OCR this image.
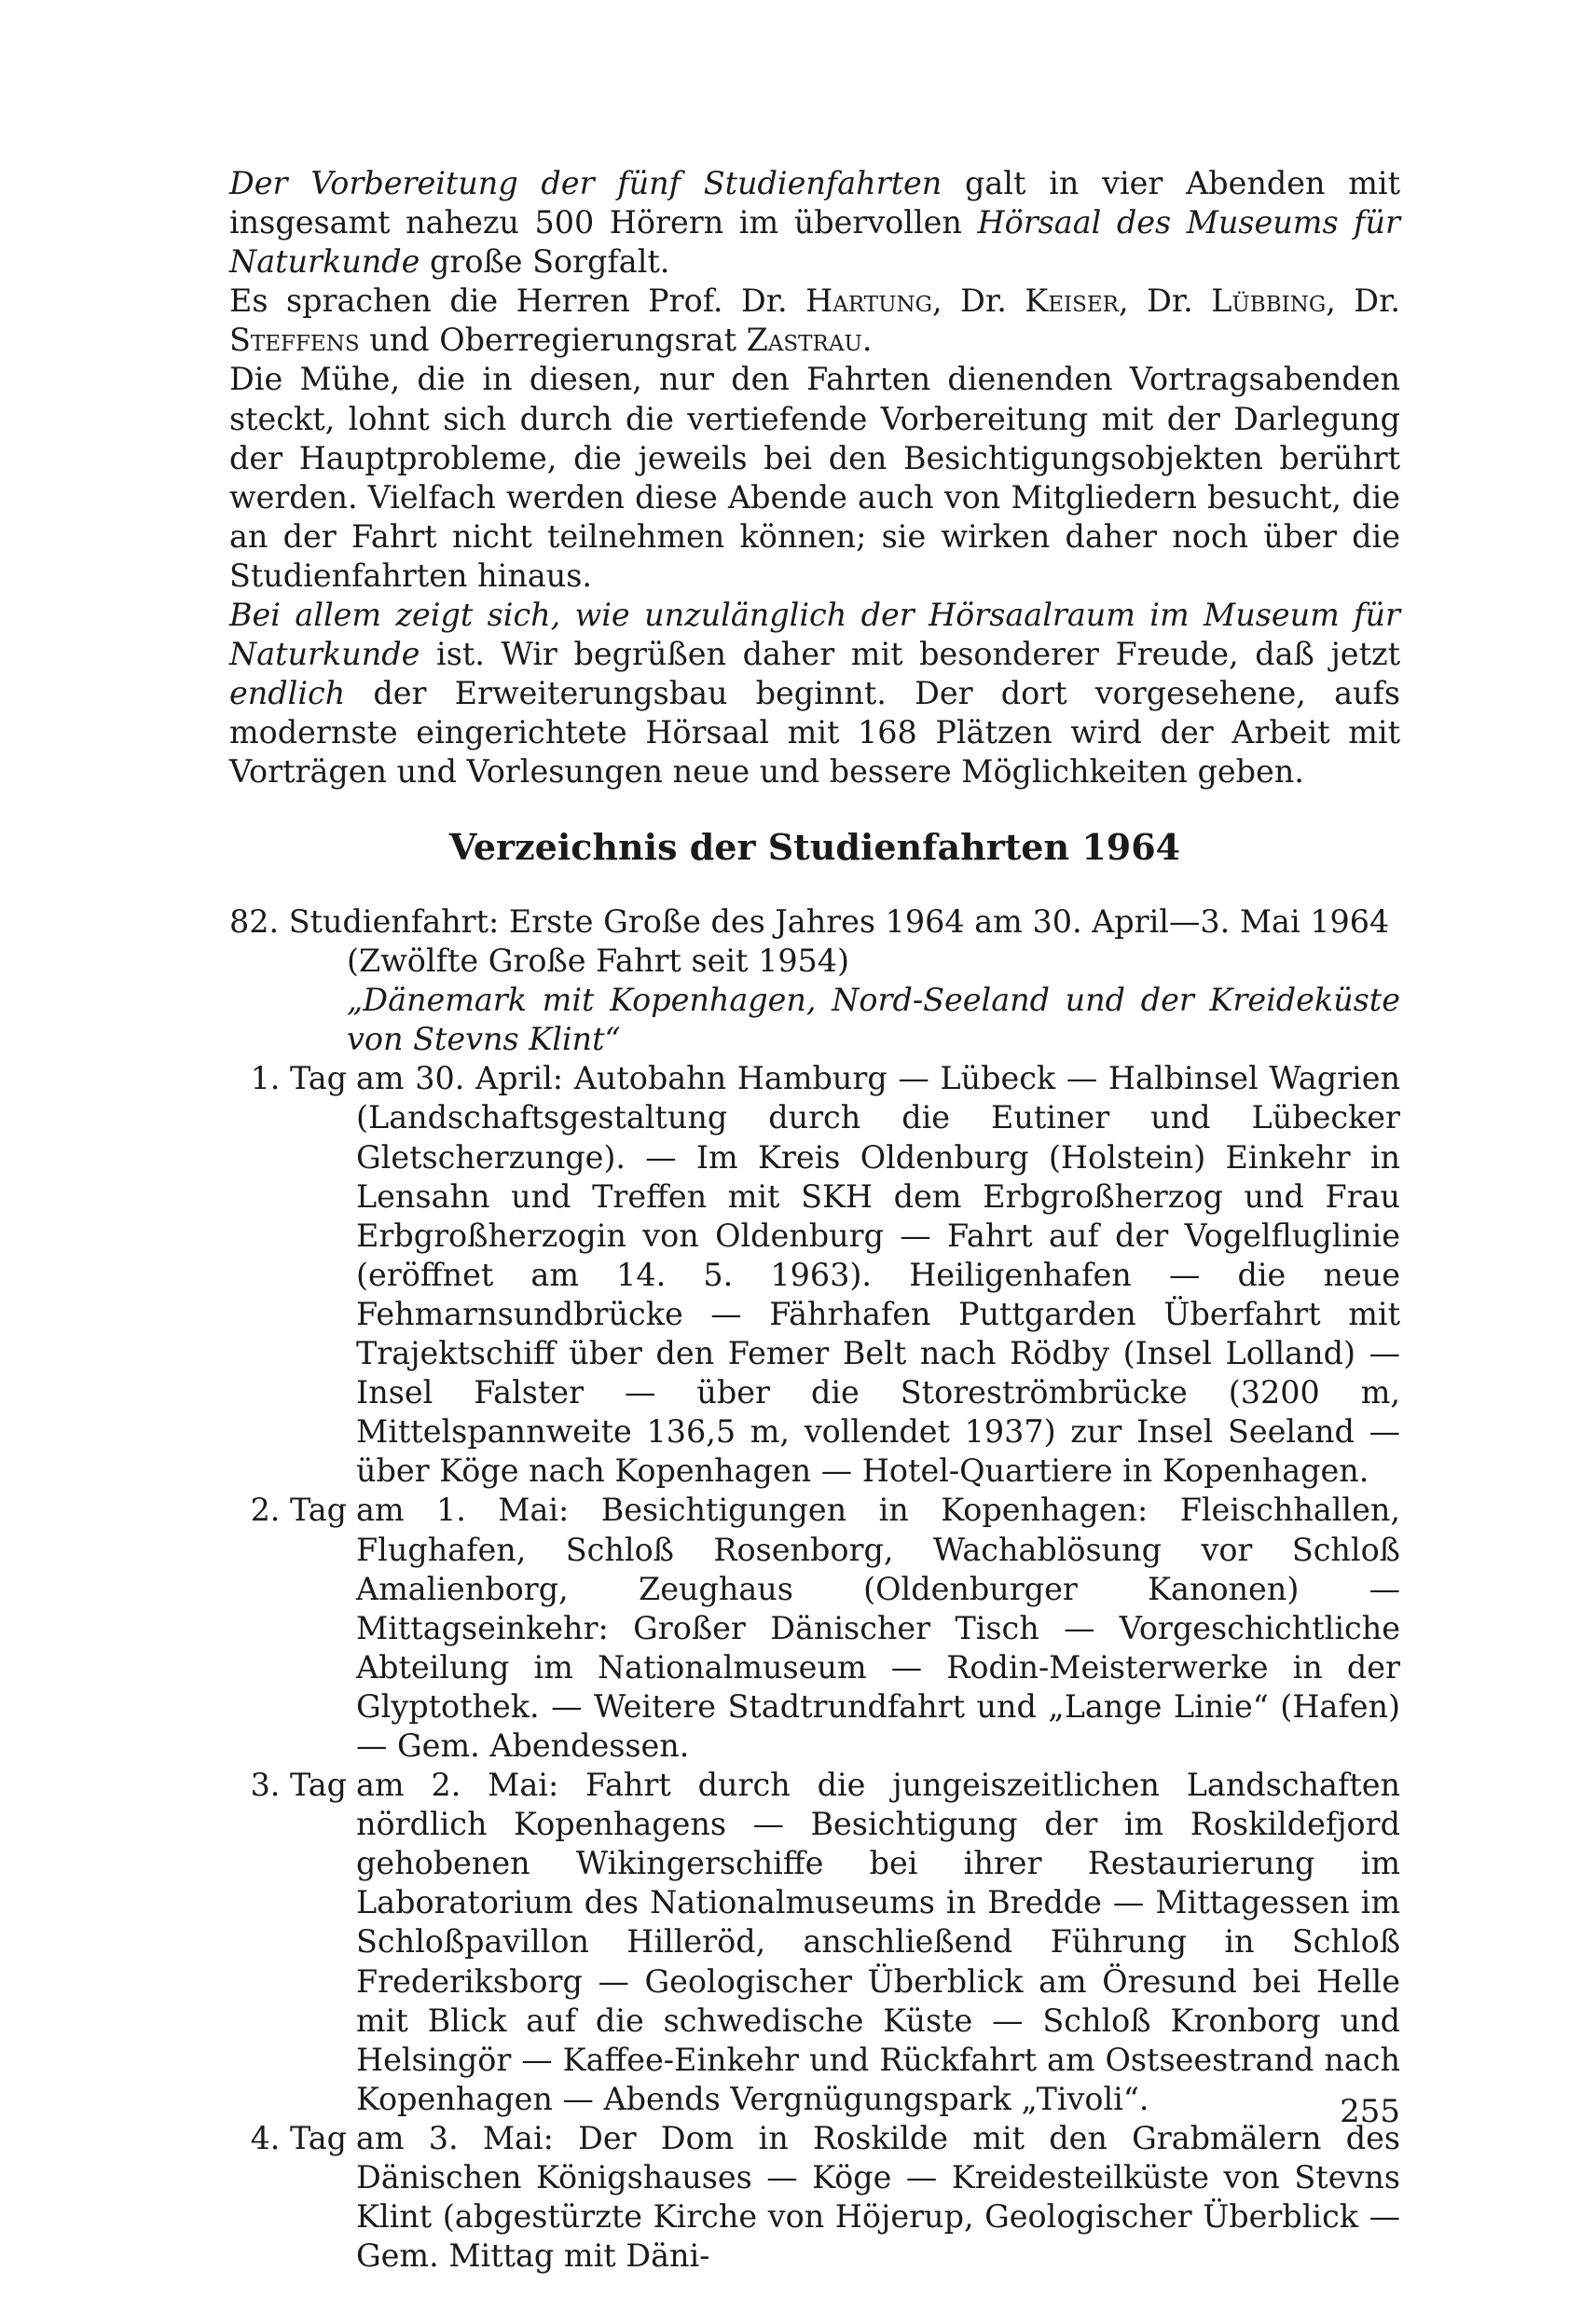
Der Vorbereitung der fünf Studienfahrten galt in vier Abenden mit insgesamt nahezu 500 Hörern im übervollen Hörsaal des Museums für Naturkunde große Sorgfalt.

Es sprachen die Herren Prof. Dr. Hartung, Dr. Keiser, Dr. Lübbing, Dr. Steffens und Oberregierungsrat Zastrau.

Die Mühe, die in diesen, nur den Fahrten dienenden Vortragsabenden steckt, lohnt sich durch die vertiefende Vorbereitung mit der Darlegung der Hauptprobleme, die jeweils bei den Besichtigungsobjekten berührt werden. Vielfach werden diese Abende auch von Mitgliedern besucht, die an der Fahrt nicht teilnehmen können; sie wirken daher noch über die Studienfahrten hinaus.

Bei allem zeigt sich, wie unzulänglich der Hörsaalraum im Museum für Naturkunde ist. Wir begrüßen daher mit besonderer Freude, daß jetzt endlich der Erweiterungsbau beginnt. Der dort vorgesehene, aufs modernste eingerichtete Hörsaal mit 168 Plätzen wird der Arbeit mit Vorträgen und Vorlesungen neue und bessere Möglichkeiten geben.

Verzeichnis der Studienfahrten 1964

82. Studienfahrt: Erste Große des Jahres 1964 am 30. April—3. Mai 1964

(Zwölfte Große Fahrt seit 1954)

„Dänemark mit Kopenhagen, Nord-Seeland und der Kreideküste von Stevns Klint“

1. Tag am 30. April: Autobahn Hamburg — Lübeck — Halbinsel Wagrien (Landschaftsgestaltung durch die Eutiner und Lübecker Gletscherzunge). — Im Kreis Oldenburg (Holstein) Einkehr in Lensahn und Treffen mit SKH dem Erbgroßherzog und Frau Erbgroßherzogin von Oldenburg — Fahrt auf der Vogelfluglinie (eröffnet am 14. 5. 1963). Heiligenhafen — die neue Fehmarnsundbrücke — Fährhafen Puttgarden Überfahrt mit Trajektschiff über den Femer Belt nach Rödby (Insel Lolland) — Insel Falster — über die Storeströmbrücke (3200 m, Mittelspannweite 136,5 m, vollendet 1937) zur Insel Seeland — über Köge nach Kopenhagen — Hotel-Quartiere in Kopenhagen.
2. Tag am 1. Mai: Besichtigungen in Kopenhagen: Fleischhallen, Flughafen, Schloß Rosenborg, Wachablösung vor Schloß Amalienborg, Zeughaus (Oldenburger Kanonen) — Mittagseinkehr: Großer Dänischer Tisch — Vorgeschichtliche Abteilung im Nationalmuseum — Rodin-Meisterwerke in der Glyptothek. — Weitere Stadtrundfahrt und „Lange Linie“ (Hafen) — Gem. Abendessen.
3. Tag am 2. Mai: Fahrt durch die jungeiszeitlichen Landschaften nördlich Kopenhagens — Besichtigung der im Roskildefjord gehobenen Wikingerschiffe bei ihrer Restaurierung im Laboratorium des Nationalmuseums in Bredde — Mittagessen im Schloßpavillon Hilleröd, anschließend Führung in Schloß Frederiksborg — Geologischer Überblick am Öresund bei Helle mit Blick auf die schwedische Küste — Schloß Kronborg und Helsingör — Kaffee-Einkehr und Rückfahrt am Ostseestrand nach Kopenhagen — Abends Vergnügungspark „Tivoli“.
4. Tag am 3. Mai: Der Dom in Roskilde mit den Grabmälern des Dänischen Königshauses — Köge — Kreidesteilküste von Stevns Klint (abgestürzte Kirche von Höjerup, Geologischer Überblick — Gem. Mittag mit Däni-
255
